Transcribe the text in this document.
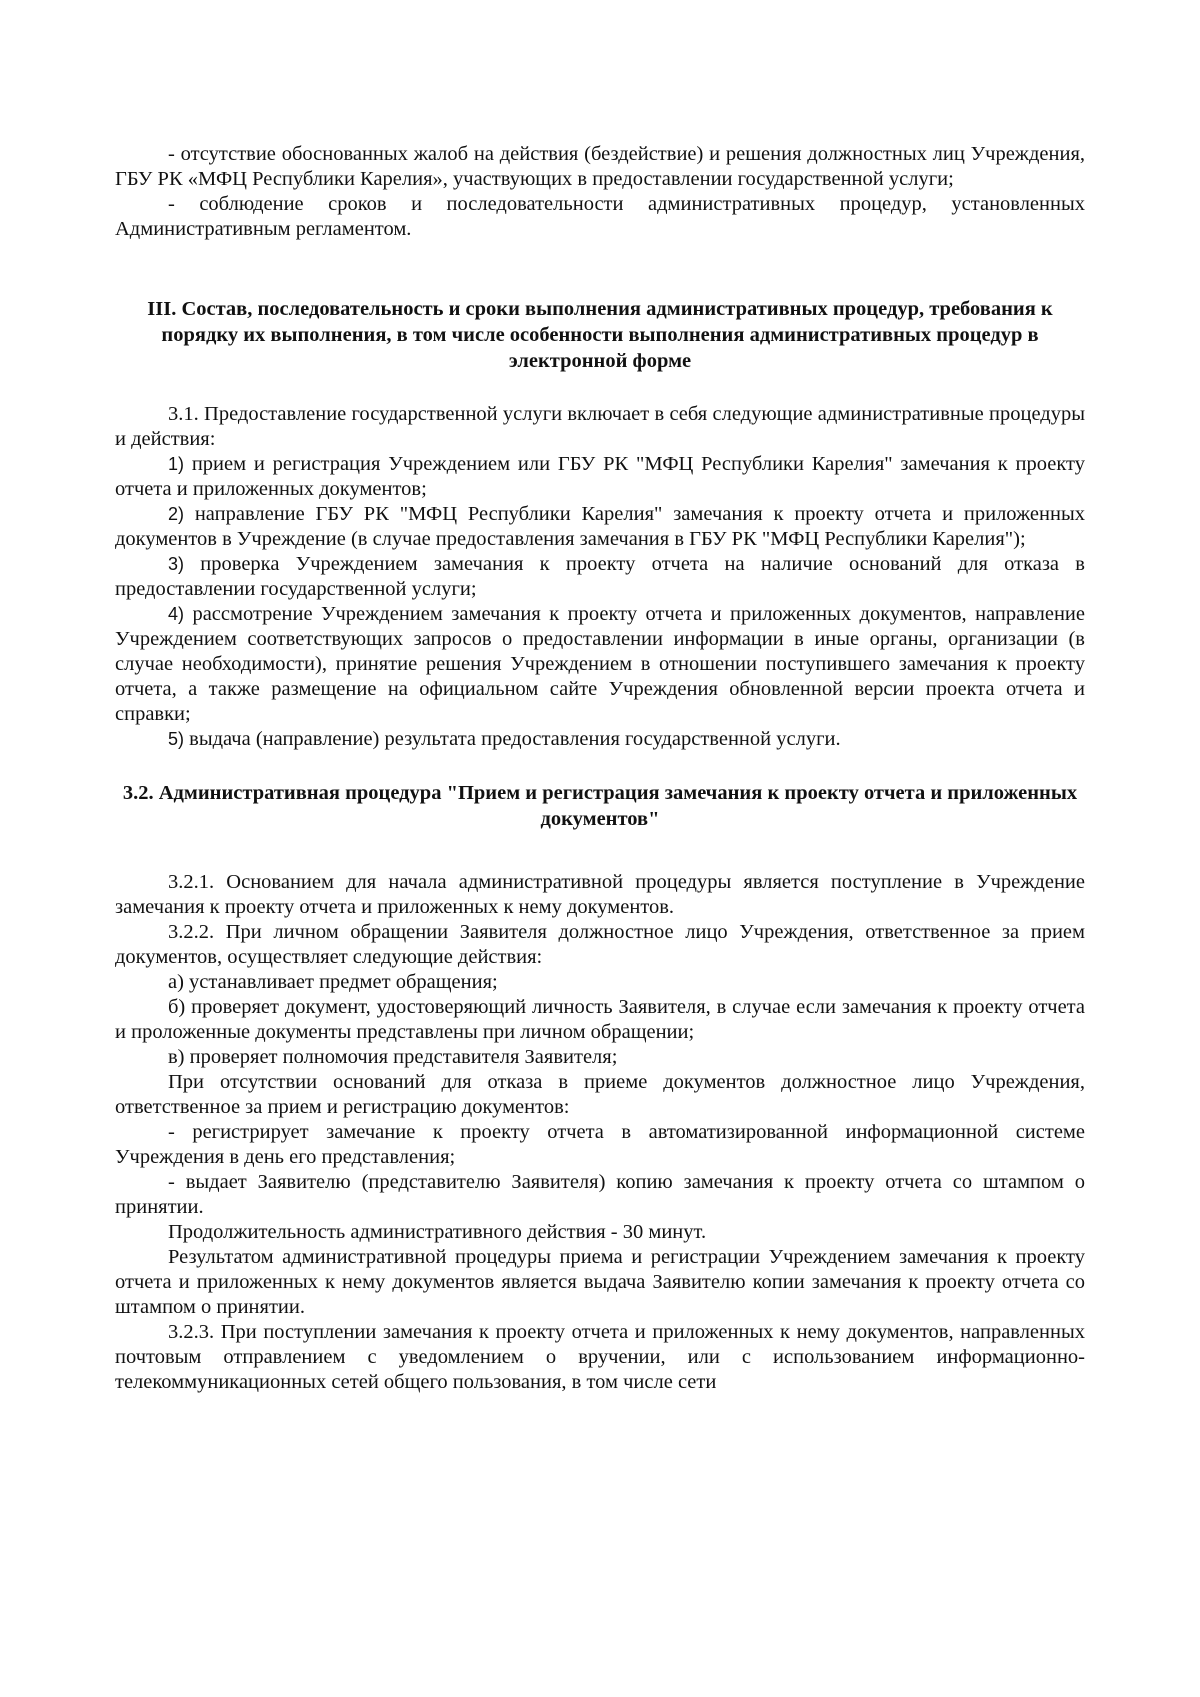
- отсутствие обоснованных жалоб на действия (бездействие) и решения должностных лиц Учреждения, ГБУ РК «МФЦ Республики Карелия», участвующих в предоставлении государственной услуги;

- соблюдение сроков и последовательности административных процедур, установленных Административным регламентом.

III. Состав, последовательность и сроки выполнения административных процедур, требования к порядку их выполнения, в том числе особенности выполнения административных процедур в электронной форме

3.1. Предоставление государственной услуги включает в себя следующие административные процедуры и действия:

1) прием и регистрация Учреждением или ГБУ РК "МФЦ Республики Карелия" замечания к проекту отчета и приложенных документов;

2) направление ГБУ РК "МФЦ Республики Карелия" замечания к проекту отчета и приложенных документов в Учреждение (в случае предоставления замечания в ГБУ РК "МФЦ Республики Карелия");

3) проверка Учреждением замечания к проекту отчета на наличие оснований для отказа в предоставлении государственной услуги;

4) рассмотрение Учреждением замечания к проекту отчета и приложенных документов, направление Учреждением соответствующих запросов о предоставлении информации в иные органы, организации (в случае необходимости), принятие решения Учреждением в отношении поступившего замечания к проекту отчета, а также размещение на официальном сайте Учреждения обновленной версии проекта отчета и справки;

5) выдача (направление) результата предоставления государственной услуги.

3.2. Административная процедура "Прием и регистрация замечания к проекту отчета и приложенных документов"

3.2.1. Основанием для начала административной процедуры является поступление в Учреждение замечания к проекту отчета и приложенных к нему документов.

3.2.2. При личном обращении Заявителя должностное лицо Учреждения, ответственное за прием документов, осуществляет следующие действия:

а) устанавливает предмет обращения;

б) проверяет документ, удостоверяющий личность Заявителя, в случае если замечания к проекту отчета и проложенные документы представлены при личном обращении;

в) проверяет полномочия представителя Заявителя;

При отсутствии оснований для отказа в приеме документов должностное лицо Учреждения, ответственное за прием и регистрацию документов:

- регистрирует замечание к проекту отчета в автоматизированной информационной системе Учреждения в день его представления;

- выдает Заявителю (представителю Заявителя) копию замечания к проекту отчета со штампом о принятии.

Продолжительность административного действия - 30 минут.

Результатом административной процедуры приема и регистрации Учреждением замечания к проекту отчета и приложенных к нему документов является выдача Заявителю копии замечания к проекту отчета со штампом о принятии.

3.2.3. При поступлении замечания к проекту отчета и приложенных к нему документов, направленных почтовым отправлением с уведомлением о вручении, или с использованием информационно-телекоммуникационных сетей общего пользования, в том числе сети
